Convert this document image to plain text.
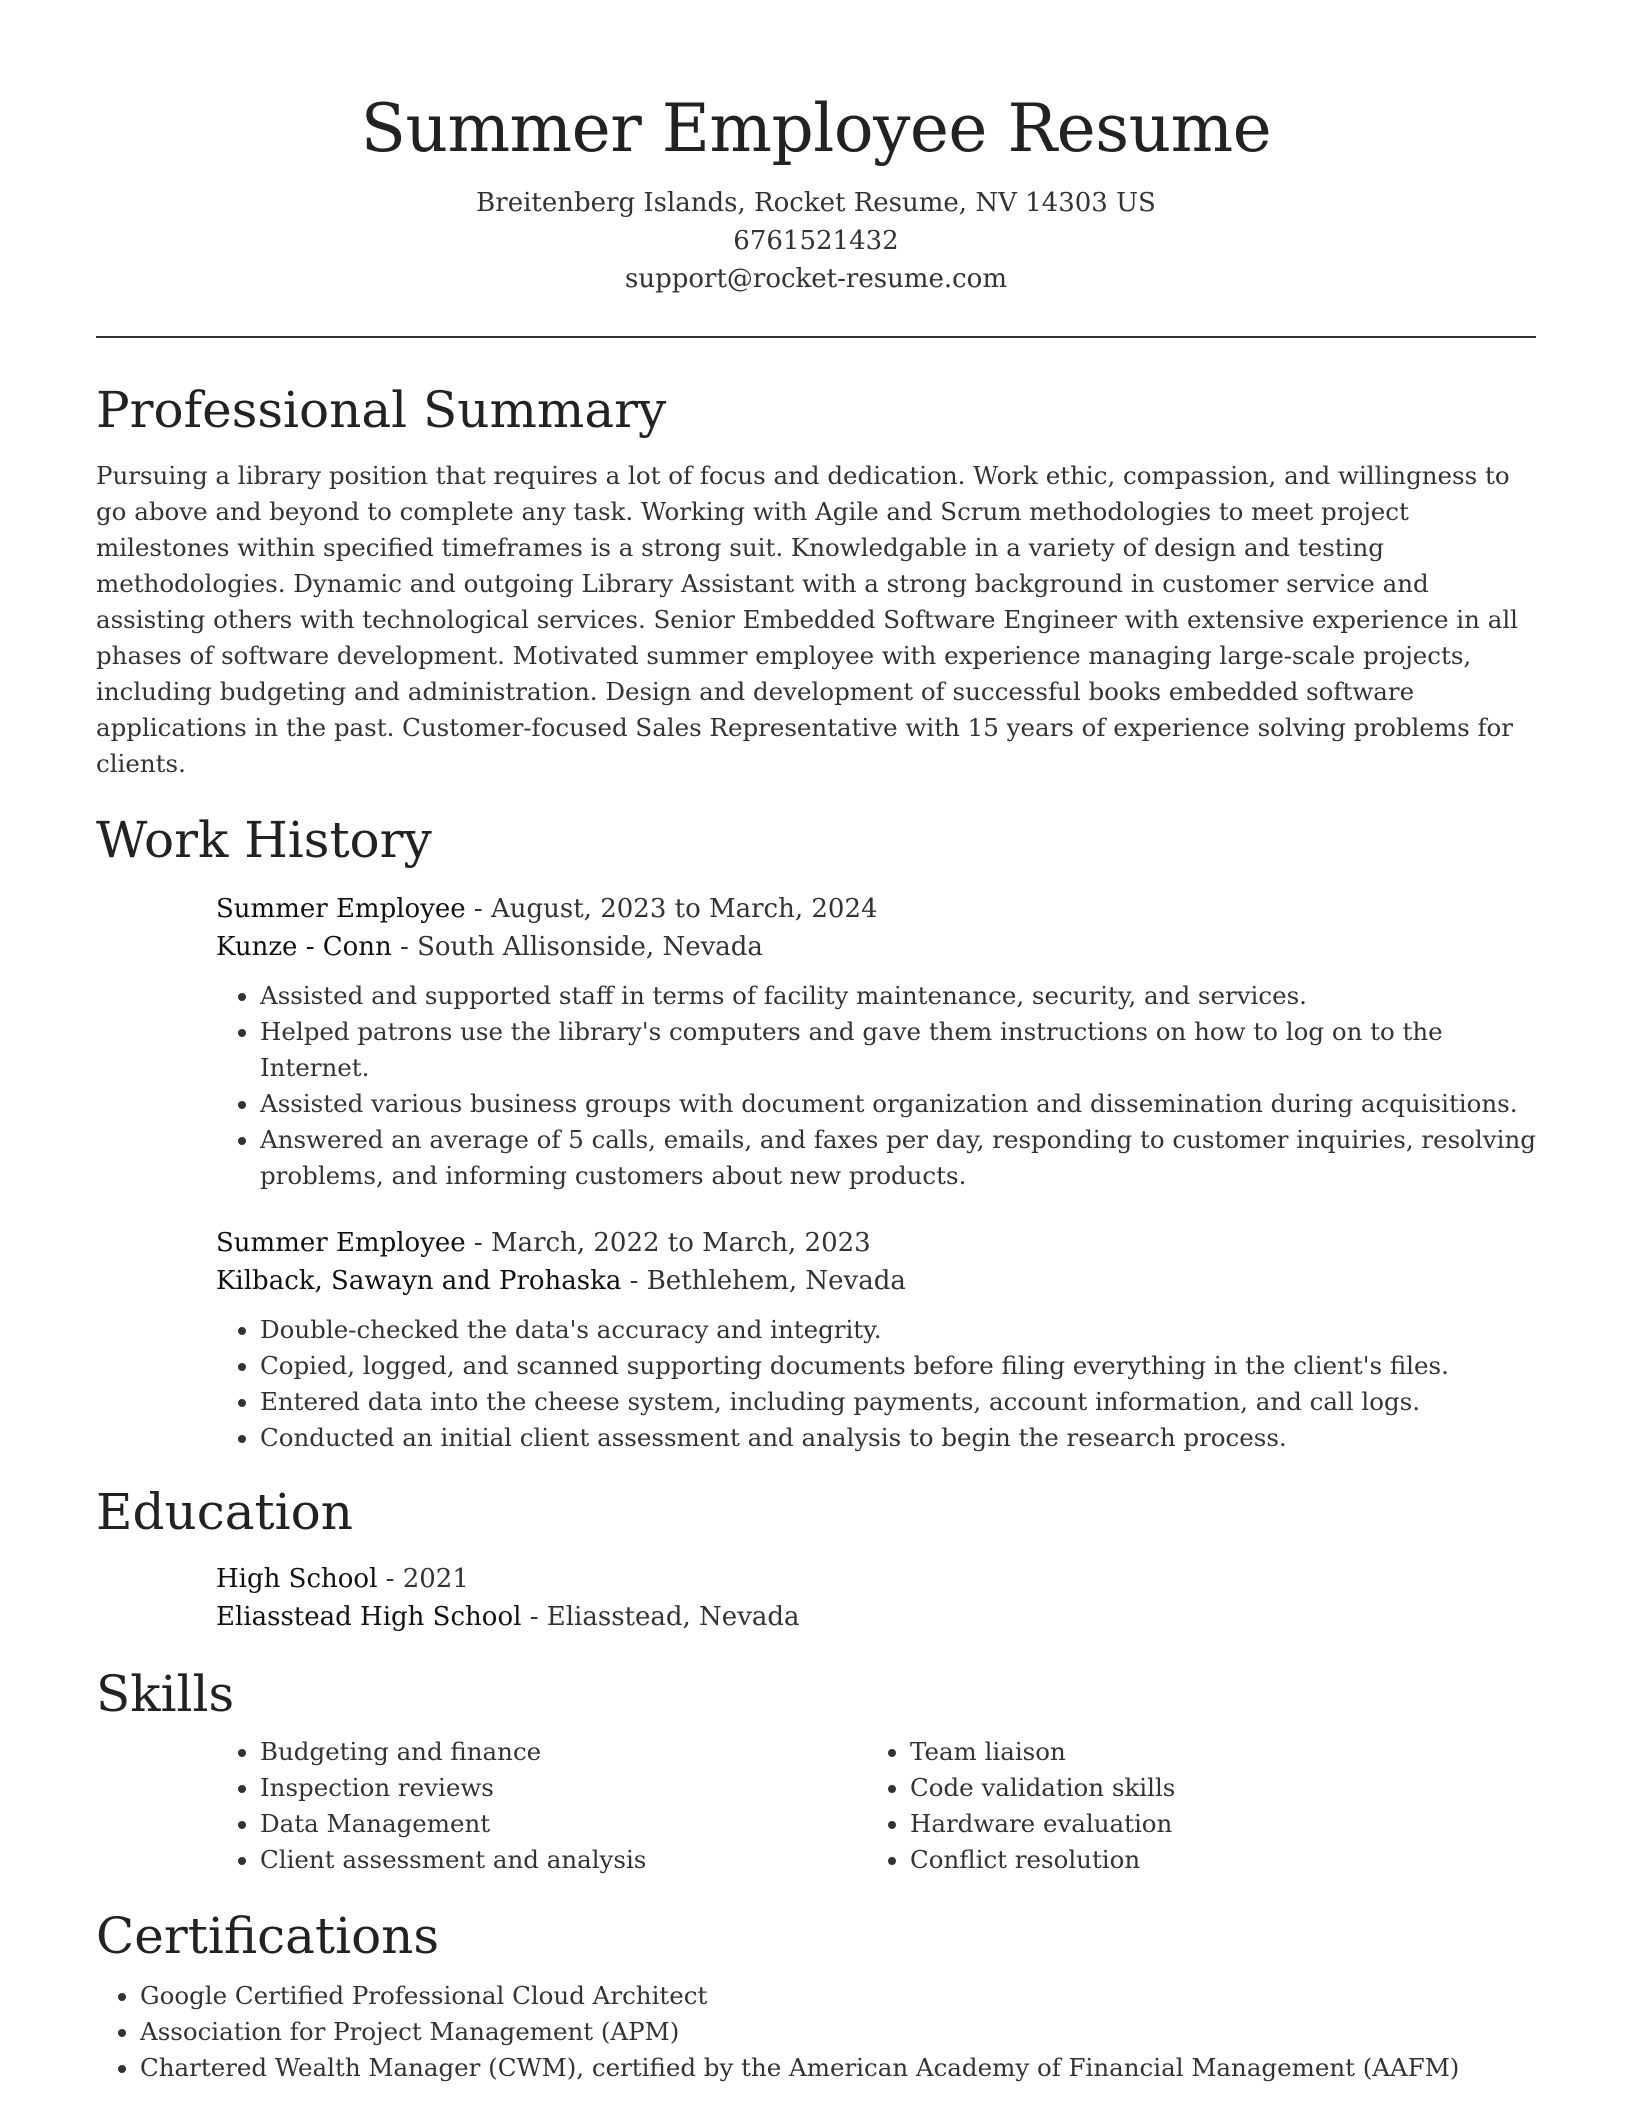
Summer Employee Resume
Breitenberg Islands, Rocket Resume, NV 14303 US
6761521432
support@rocket-resume.com
Professional Summary

Pursuing a library position that requires a lot of focus and dedication. Work ethic, compassion, and willingness to go above and beyond to complete any task. Working with Agile and Scrum methodologies to meet project milestones within specified timeframes is a strong suit. Knowledgable in a variety of design and testing methodologies. Dynamic and outgoing Library Assistant with a strong background in customer service and assisting others with technological services. Senior Embedded Software Engineer with extensive experience in all phases of software development. Motivated summer employee with experience managing large-scale projects, including budgeting and administration. Design and development of successful books embedded software applications in the past. Customer-focused Sales Representative with 15 years of experience solving problems for clients.

Work History
Summer Employee - August, 2023 to March, 2024
Kunze - Conn - South Allisonside, Nevada
• Assisted and supported staff in terms of facility maintenance, security, and services.
• Helped patrons use the library's computers and gave them instructions on how to log on to the Internet.
• Assisted various business groups with document organization and dissemination during acquisitions.
• Answered an average of 5 calls, emails, and faxes per day, responding to customer inquiries, resolving problems, and informing customers about new products.
Summer Employee - March, 2022 to March, 2023
Kilback, Sawayn and Prohaska - Bethlehem, Nevada
• Double-checked the data's accuracy and integrity.
• Copied, logged, and scanned supporting documents before filing everything in the client's files.
• Entered data into the cheese system, including payments, account information, and call logs.
• Conducted an initial client assessment and analysis to begin the research process.
Education
High School - 2021
Eliasstead High School - Eliasstead, Nevada
Skills
• Budgeting and finance
• Inspection reviews
• Data Management
• Client assessment and analysis
• Team liaison
• Code validation skills
• Hardware evaluation
• Conflict resolution
Certifications
• Google Certified Professional Cloud Architect
• Association for Project Management (APM)
• Chartered Wealth Manager (CWM), certified by the American Academy of Financial Management (AAFM)
